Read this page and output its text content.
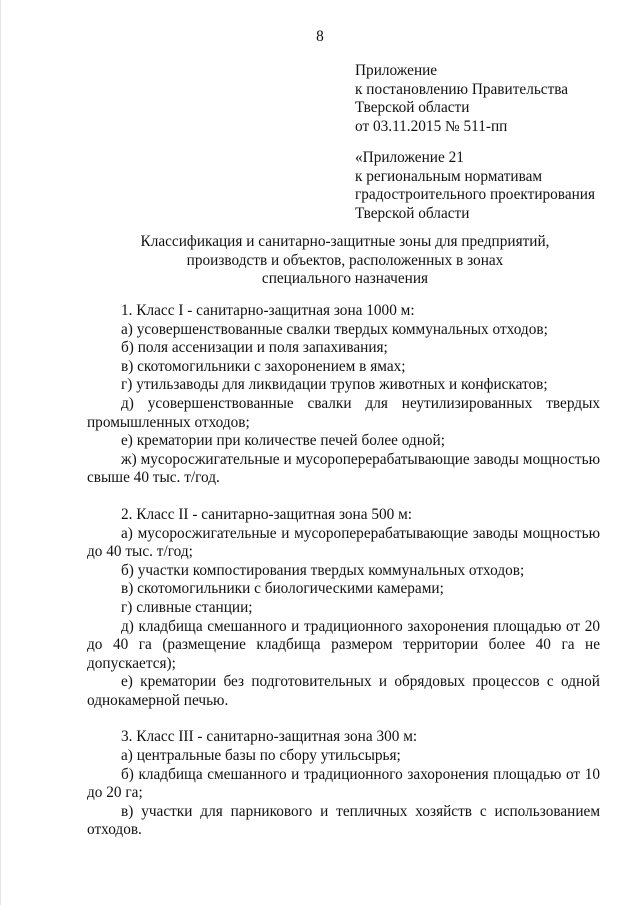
8
Приложение
к постановлению Правительства
Тверской области
от 03.11.2015 № 511-пп
«Приложение 21
к региональным нормативам
градостроительного проектирования
Тверской области
Классификация и санитарно-защитные зоны для предприятий,
производств и объектов, расположенных в зонах
специального назначения

1. Класс I - санитарно-защитная зона 1000 м:

а) усовершенствованные свалки твердых коммунальных отходов;

б) поля ассенизации и поля запахивания;

в) скотомогильники с захоронением в ямах;

г) утильзаводы для ликвидации трупов животных и конфискатов;

д) усовершенствованные свалки для неутилизированных твердых промышленных отходов;

е) крематории при количестве печей более одной;

ж) мусоросжигательные и мусороперерабатывающие заводы мощностью свыше 40 тыс. т/год.

2. Класс II - санитарно-защитная зона 500 м:

а) мусоросжигательные и мусороперерабатывающие заводы мощностью до 40 тыс. т/год;

б) участки компостирования твердых коммунальных отходов;

в) скотомогильники с биологическими камерами;

г) сливные станции;

д) кладбища смешанного и традиционного захоронения площадью от 20 до 40 га (размещение кладбища размером территории более 40 га не допускается);

е) крематории без подготовительных и обрядовых процессов с одной однокамерной печью.

3. Класс III - санитарно-защитная зона 300 м:

а) центральные базы по сбору утильсырья;

б) кладбища смешанного и традиционного захоронения площадью от 10 до 20 га;

в) участки для парникового и тепличных хозяйств с использованием отходов.
